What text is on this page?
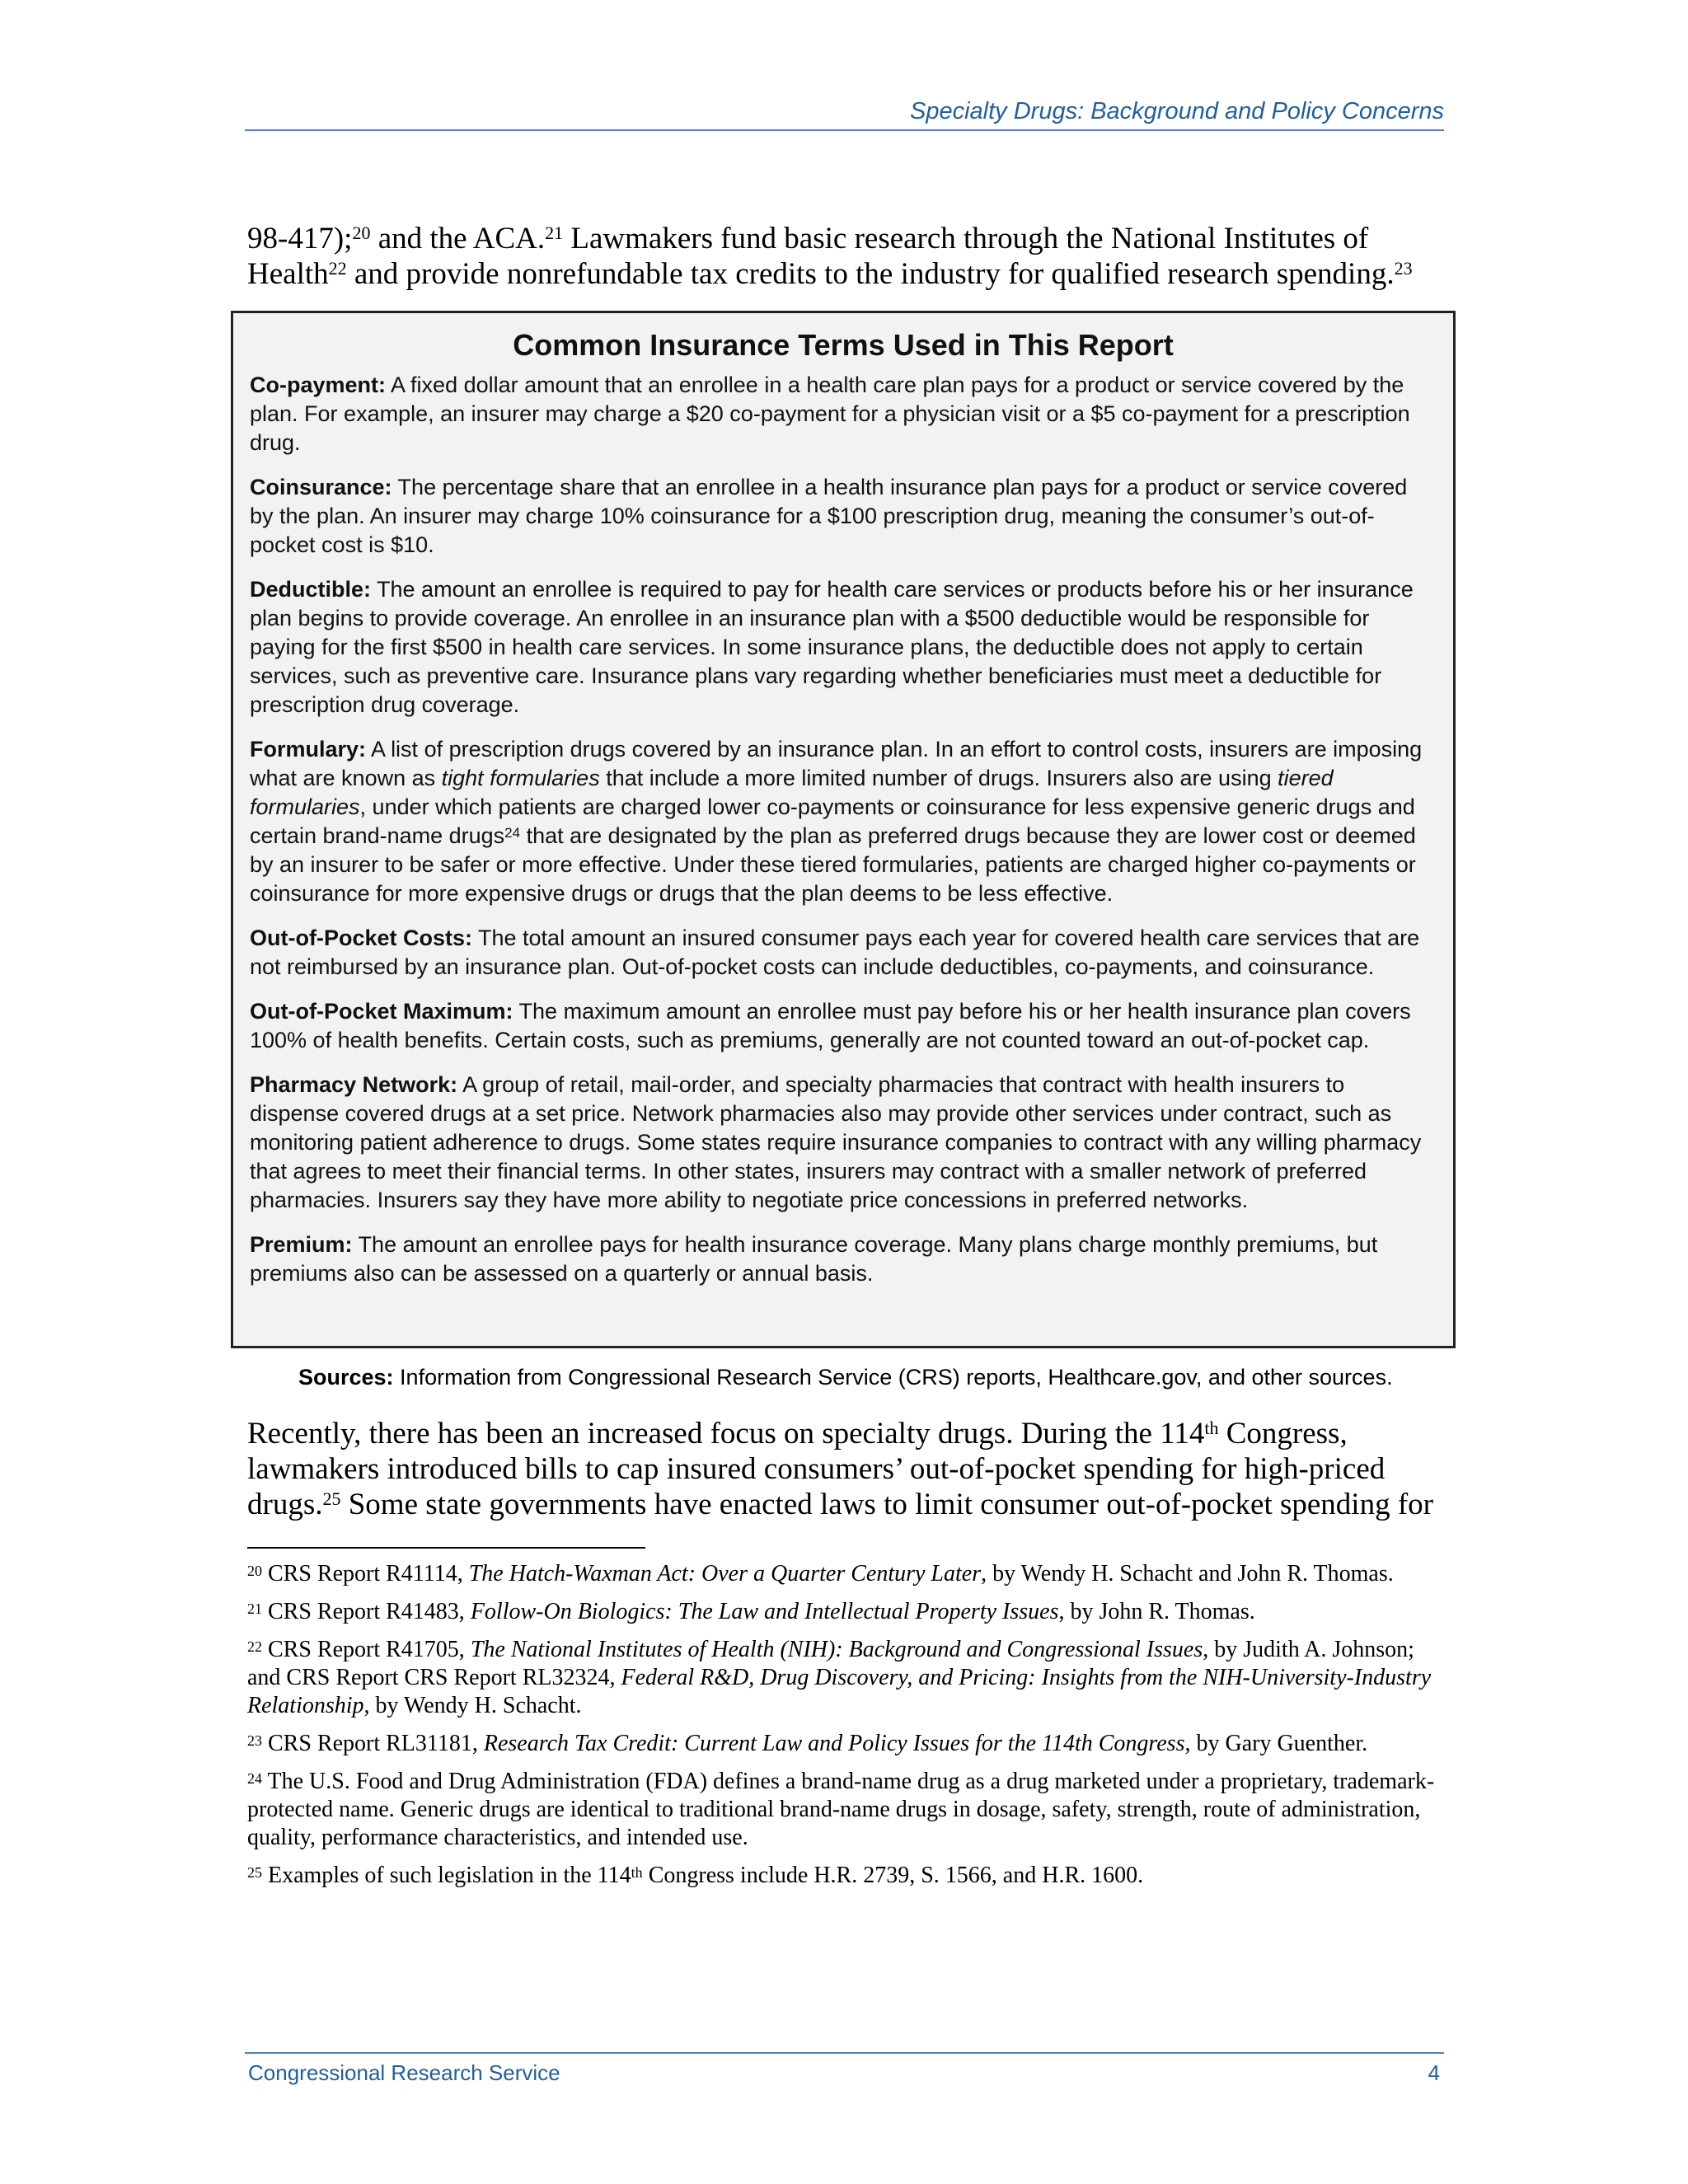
Specialty Drugs: Background and Policy Concerns
98-417);$^{20}$ and the ACA.$^{21}$ Lawmakers fund basic research through the National Institutes of Health$^{22}$ and provide nonrefundable tax credits to the industry for qualified research spending.$^{23}$
Common Insurance Terms Used in This Report
Co-payment: A fixed dollar amount that an enrollee in a health care plan pays for a product or service covered by the plan. For example, an insurer may charge a $20 co-payment for a physician visit or a $5 co-payment for a prescription drug.
Coinsurance: The percentage share that an enrollee in a health insurance plan pays for a product or service covered by the plan. An insurer may charge 10% coinsurance for a $100 prescription drug, meaning the consumer’s out-of-pocket cost is $10.
Deductible: The amount an enrollee is required to pay for health care services or products before his or her insurance plan begins to provide coverage. An enrollee in an insurance plan with a $500 deductible would be responsible for paying for the first $500 in health care services. In some insurance plans, the deductible does not apply to certain services, such as preventive care. Insurance plans vary regarding whether beneficiaries must meet a deductible for prescription drug coverage.
Formulary: A list of prescription drugs covered by an insurance plan. In an effort to control costs, insurers are imposing what are known as tight formularies that include a more limited number of drugs. Insurers also are using tiered formularies, under which patients are charged lower co-payments or coinsurance for less expensive generic drugs and certain brand-name drugs$^{24}$ that are designated by the plan as preferred drugs because they are lower cost or deemed by an insurer to be safer or more effective. Under these tiered formularies, patients are charged higher co-payments or coinsurance for more expensive drugs or drugs that the plan deems to be less effective.
Out-of-Pocket Costs: The total amount an insured consumer pays each year for covered health care services that are not reimbursed by an insurance plan. Out-of-pocket costs can include deductibles, co-payments, and coinsurance.
Out-of-Pocket Maximum: The maximum amount an enrollee must pay before his or her health insurance plan covers 100% of health benefits. Certain costs, such as premiums, generally are not counted toward an out-of-pocket cap.
Pharmacy Network: A group of retail, mail-order, and specialty pharmacies that contract with health insurers to dispense covered drugs at a set price. Network pharmacies also may provide other services under contract, such as monitoring patient adherence to drugs. Some states require insurance companies to contract with any willing pharmacy that agrees to meet their financial terms. In other states, insurers may contract with a smaller network of preferred pharmacies. Insurers say they have more ability to negotiate price concessions in preferred networks.
Premium: The amount an enrollee pays for health insurance coverage. Many plans charge monthly premiums, but premiums also can be assessed on a quarterly or annual basis.
Sources: Information from Congressional Research Service (CRS) reports, Healthcare.gov, and other sources.
Recently, there has been an increased focus on specialty drugs. During the 114th Congress, lawmakers introduced bills to cap insured consumers’ out-of-pocket spending for high-priced drugs.$^{25}$ Some state governments have enacted laws to limit consumer out-of-pocket spending for
$^{20}$ CRS Report R41114, The Hatch-Waxman Act: Over a Quarter Century Later, by Wendy H. Schacht and John R. Thomas.
$^{21}$ CRS Report R41483, Follow-On Biologics: The Law and Intellectual Property Issues, by John R. Thomas.
$^{22}$ CRS Report R41705, The National Institutes of Health (NIH): Background and Congressional Issues, by Judith A. Johnson; and CRS Report CRS Report RL32324, Federal R&D, Drug Discovery, and Pricing: Insights from the NIH-University-Industry Relationship, by Wendy H. Schacht.
$^{23}$ CRS Report RL31181, Research Tax Credit: Current Law and Policy Issues for the 114th Congress, by Gary Guenther.
$^{24}$ The U.S. Food and Drug Administration (FDA) defines a brand-name drug as a drug marketed under a proprietary, trademark-protected name. Generic drugs are identical to traditional brand-name drugs in dosage, safety, strength, route of administration, quality, performance characteristics, and intended use.
$^{25}$ Examples of such legislation in the 114th Congress include H.R. 2739, S. 1566, and H.R. 1600.
Congressional Research Service	4
